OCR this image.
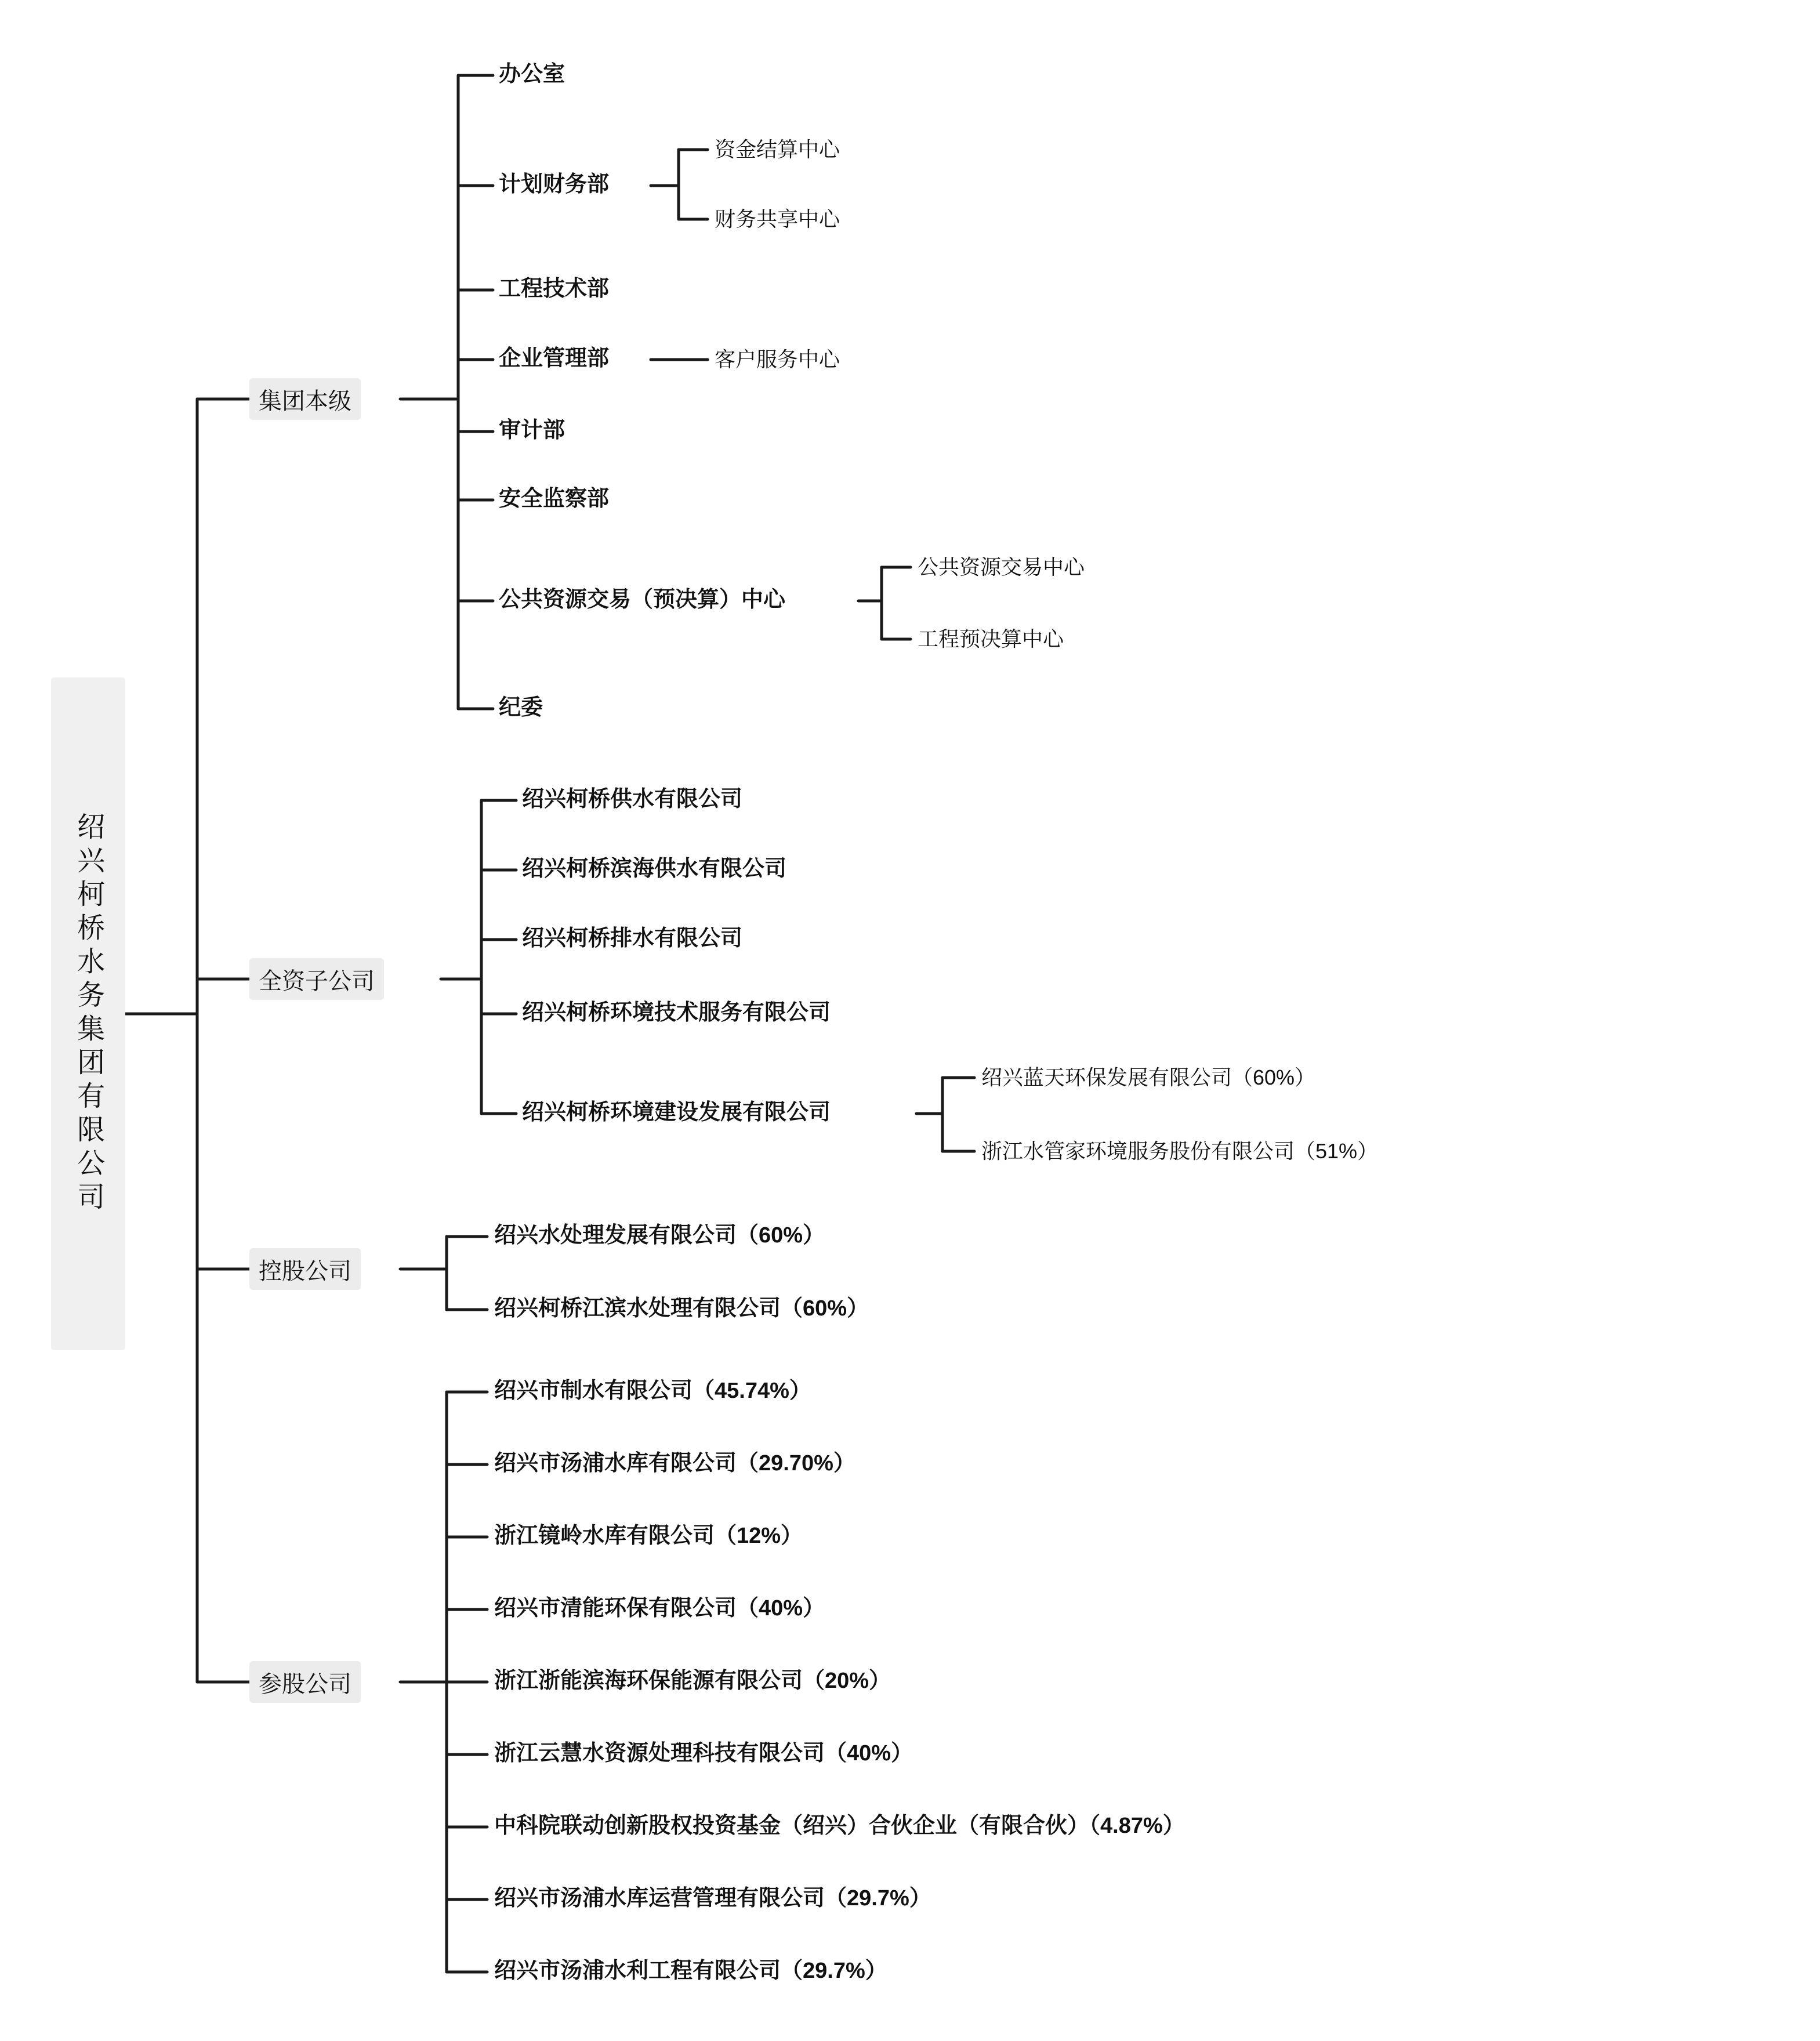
绍兴柯桥水务集团有限公司
集团本级
全资子公司
控股公司
参股公司
办公室
计划财务部
工程技术部
企业管理部
审计部
安全监察部
公共资源交易（预决算）中心
纪委
资金结算中心
财务共享中心
客户服务中心
公共资源交易中心
工程预决算中心
绍兴柯桥供水有限公司
绍兴柯桥滨海供水有限公司
绍兴柯桥排水有限公司
绍兴柯桥环境技术服务有限公司
绍兴柯桥环境建设发展有限公司
绍兴蓝天环保发展有限公司（60%）
浙江水管家环境服务股份有限公司（51%）
绍兴水处理发展有限公司（60%）
绍兴柯桥江滨水处理有限公司（60%）
绍兴市制水有限公司（45.74%）
绍兴市汤浦水库有限公司（29.70%）
浙江镜岭水库有限公司（12%）
绍兴市清能环保有限公司（40%）
浙江浙能滨海环保能源有限公司（20%）
浙江云慧水资源处理科技有限公司（40%）
中科院联动创新股权投资基金（绍兴）合伙企业（有限合伙）（4.87%）
绍兴市汤浦水库运营管理有限公司（29.7%）
绍兴市汤浦水利工程有限公司（29.7%）
